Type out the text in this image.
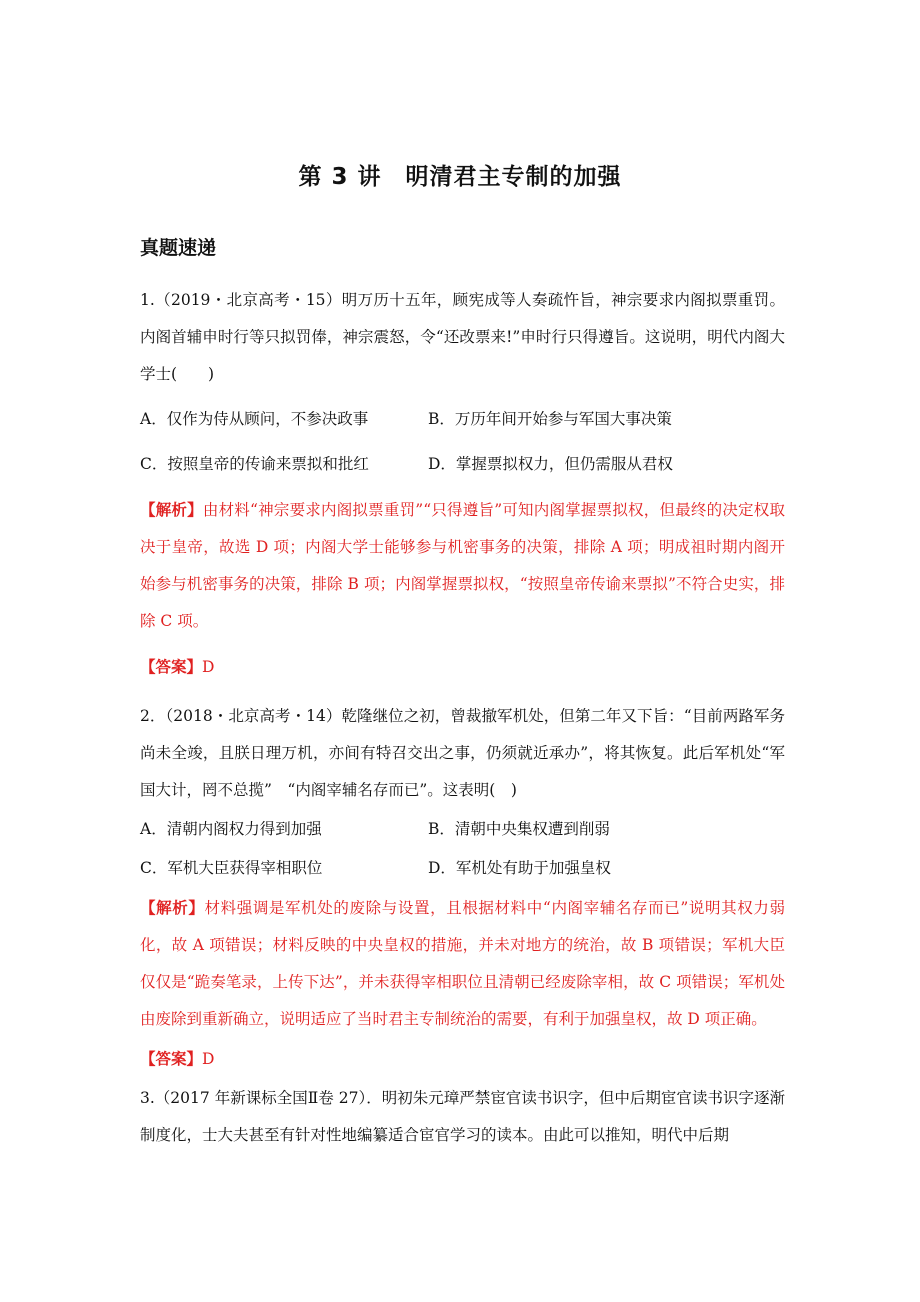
第 3 讲　明清君主专制的加强
真题速递

1.（2019・北京高考・15）明万历十五年，顾宪成等人奏疏忤旨，神宗要求内阁拟票重罚。内阁首辅申时行等只拟罚俸，神宗震怒，令“还改票来!”申时行只得遵旨。这说明，明代内阁大学士(　　)

A．仅作为侍从顾问，不参决政事	B．万历年间开始参与军国大事决策
C．按照皇帝的传谕来票拟和批红	D．掌握票拟权力，但仍需服从君权

【解析】由材料“神宗要求内阁拟票重罚”“只得遵旨”可知内阁掌握票拟权，但最终的决定权取决于皇帝，故选 D 项；内阁大学士能够参与机密事务的决策，排除 A 项；明成祖时期内阁开始参与机密事务的决策，排除 B 项；内阁掌握票拟权，“按照皇帝传谕来票拟”不符合史实，排除 C 项。

【答案】D

2．（2018・北京高考・14）乾隆继位之初，曾裁撤军机处，但第二年又下旨：“目前两路军务尚未全竣，且朕日理万机，亦间有特召交出之事，仍须就近承办”，将其恢复。此后军机处“军国大计，罔不总揽”　“内阁宰辅名存而已”。这表明(　)

A．清朝内阁权力得到加强	B．清朝中央集权遭到削弱
C．军机大臣获得宰相职位	D．军机处有助于加强皇权

【解析】材料强调是军机处的废除与设置，且根据材料中“内阁宰辅名存而已”说明其权力弱化，故 A 项错误；材料反映的中央皇权的措施，并未对地方的统治，故 B 项错误；军机大臣仅仅是“跪奏笔录，上传下达”，并未获得宰相职位且清朝已经废除宰相，故 C 项错误；军机处由废除到重新确立，说明适应了当时君主专制统治的需要，有利于加强皇权，故 D 项正确。

【答案】D

3.（2017 年新课标全国Ⅱ卷 27）．明初朱元璋严禁宦官读书识字，但中后期宦官读书识字逐渐制度化，士大夫甚至有针对性地编纂适合宦官学习的读本。由此可以推知，明代中后期
